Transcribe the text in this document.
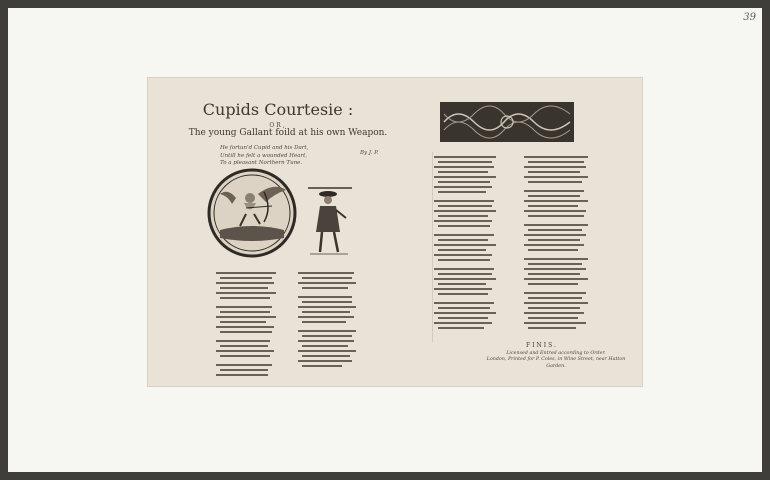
39
Cupids Courtesie :
OR,
The young Gallant foild at his own Weapon.
He fortun'd Cupid and his Dart,
Untill he felt a wounded Heart,
To a pleasant Northern Tune.
By J. P.
FINIS.
Licensed and Entred according to Order.
London, Printed for P. Coles, in Wine Street, near Hatton Garden.
